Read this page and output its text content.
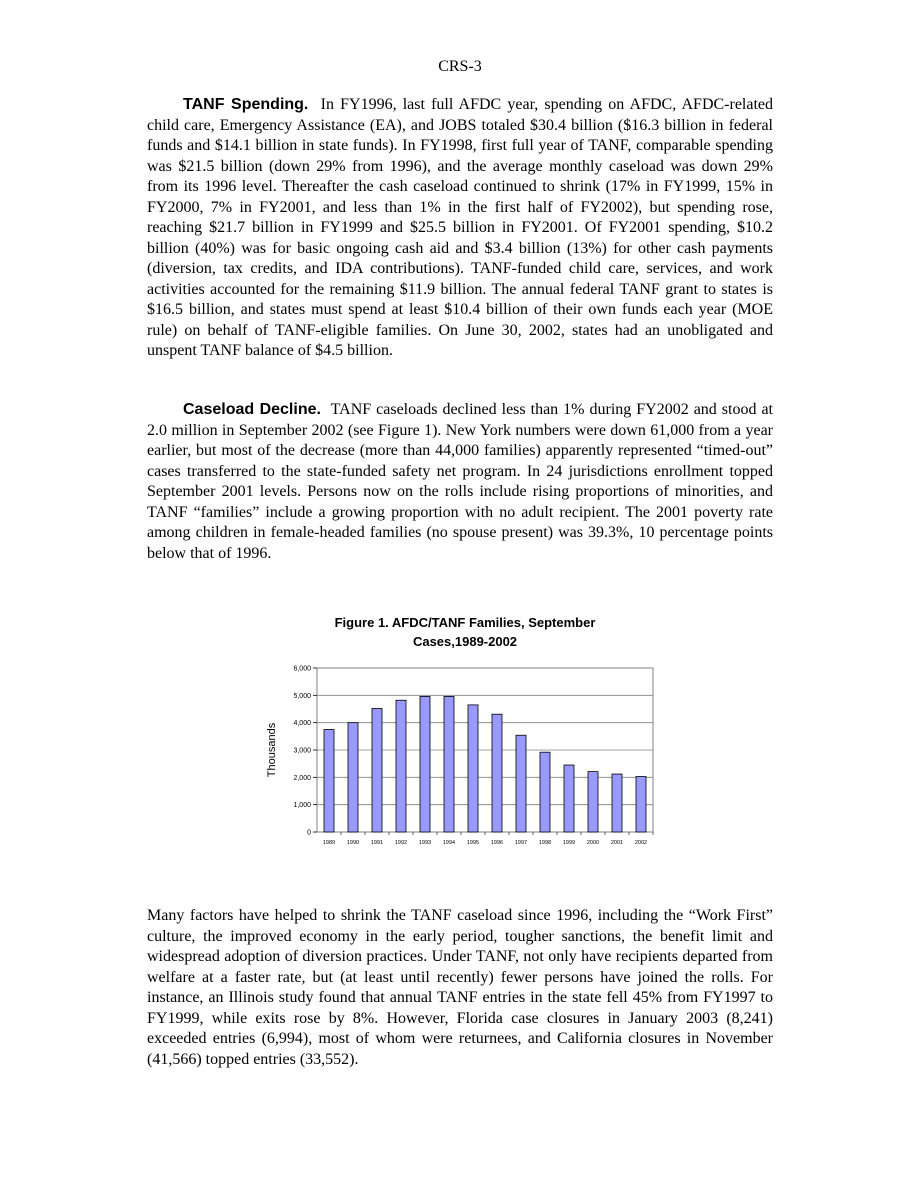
CRS-3

TANF Spending. In FY1996, last full AFDC year, spending on AFDC, AFDC-related child care, Emergency Assistance (EA), and JOBS totaled $30.4 billion ($16.3 billion in federal funds and $14.1 billion in state funds). In FY1998, first full year of TANF, comparable spending was $21.5 billion (down 29% from 1996), and the average monthly caseload was down 29% from its 1996 level. Thereafter the cash caseload continued to shrink (17% in FY1999, 15% in FY2000, 7% in FY2001, and less than 1% in the first half of FY2002), but spending rose, reaching $21.7 billion in FY1999 and $25.5 billion in FY2001. Of FY2001 spending, $10.2 billion (40%) was for basic ongoing cash aid and $3.4 billion (13%) for other cash payments (diversion, tax credits, and IDA contributions). TANF-funded child care, services, and work activities accounted for the remaining $11.9 billion. The annual federal TANF grant to states is $16.5 billion, and states must spend at least $10.4 billion of their own funds each year (MOE rule) on behalf of TANF-eligible families. On June 30, 2002, states had an unobligated and unspent TANF balance of $4.5 billion.

Caseload Decline. TANF caseloads declined less than 1% during FY2002 and stood at 2.0 million in September 2002 (see Figure 1). New York numbers were down 61,000 from a year earlier, but most of the decrease (more than 44,000 families) apparently represented “timed-out” cases transferred to the state-funded safety net program. In 24 jurisdictions enrollment topped September 2001 levels. Persons now on the rolls include rising proportions of minorities, and TANF “families” include a growing proportion with no adult recipient. The 2001 poverty rate among children in female-headed families (no spouse present) was 39.3%, 10 percentage points below that of 1996.

Figure 1. AFDC/TANF Families, September
Cases,1989-2002
0
1,000
2,000
3,000
4,000
5,000
6,000
Thousands
1989 1990 1991 1992 1993 1994 1995 1996 1997 1998 1999 2000 2001 2002

Many factors have helped to shrink the TANF caseload since 1996, including the “Work First” culture, the improved economy in the early period, tougher sanctions, the benefit limit and widespread adoption of diversion practices. Under TANF, not only have recipients departed from welfare at a faster rate, but (at least until recently) fewer persons have joined the rolls. For instance, an Illinois study found that annual TANF entries in the state fell 45% from FY1997 to FY1999, while exits rose by 8%. However, Florida case closures in January 2003 (8,241) exceeded entries (6,994), most of whom were returnees, and California closures in November (41,566) topped entries (33,552).
